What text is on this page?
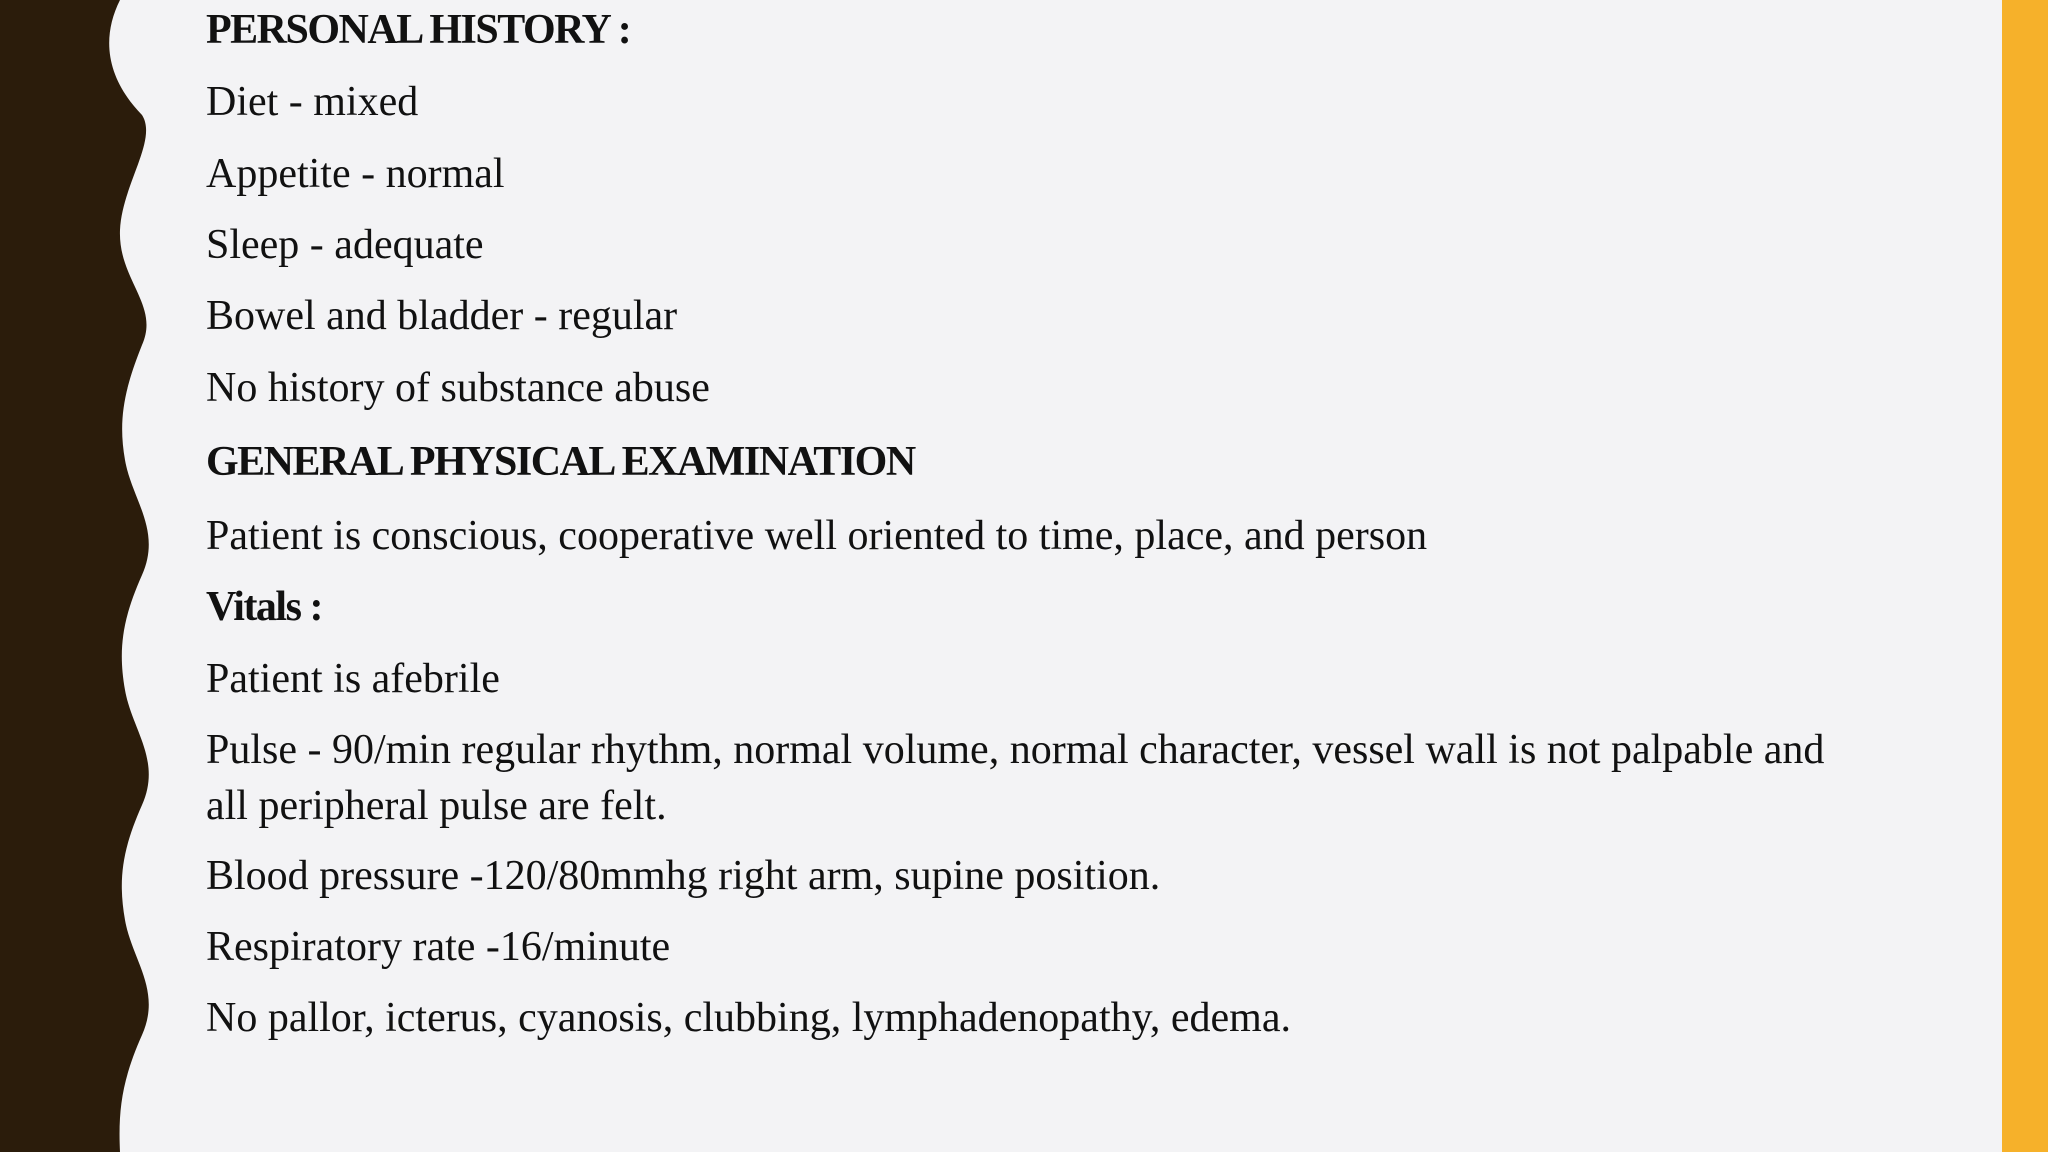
PERSONAL HISTORY :
Diet - mixed
Appetite - normal
Sleep - adequate
Bowel and bladder - regular
No history of substance abuse
GENERAL PHYSICAL EXAMINATION
Patient is conscious, cooperative well oriented to time, place, and person
Vitals :
Patient is afebrile
Pulse - 90/min regular rhythm, normal volume, normal character, vessel wall is not palpable and all peripheral pulse are felt.
Blood pressure -120/80mmhg right arm, supine position.
Respiratory rate -16/minute
No pallor, icterus, cyanosis, clubbing, lymphadenopathy, edema.
